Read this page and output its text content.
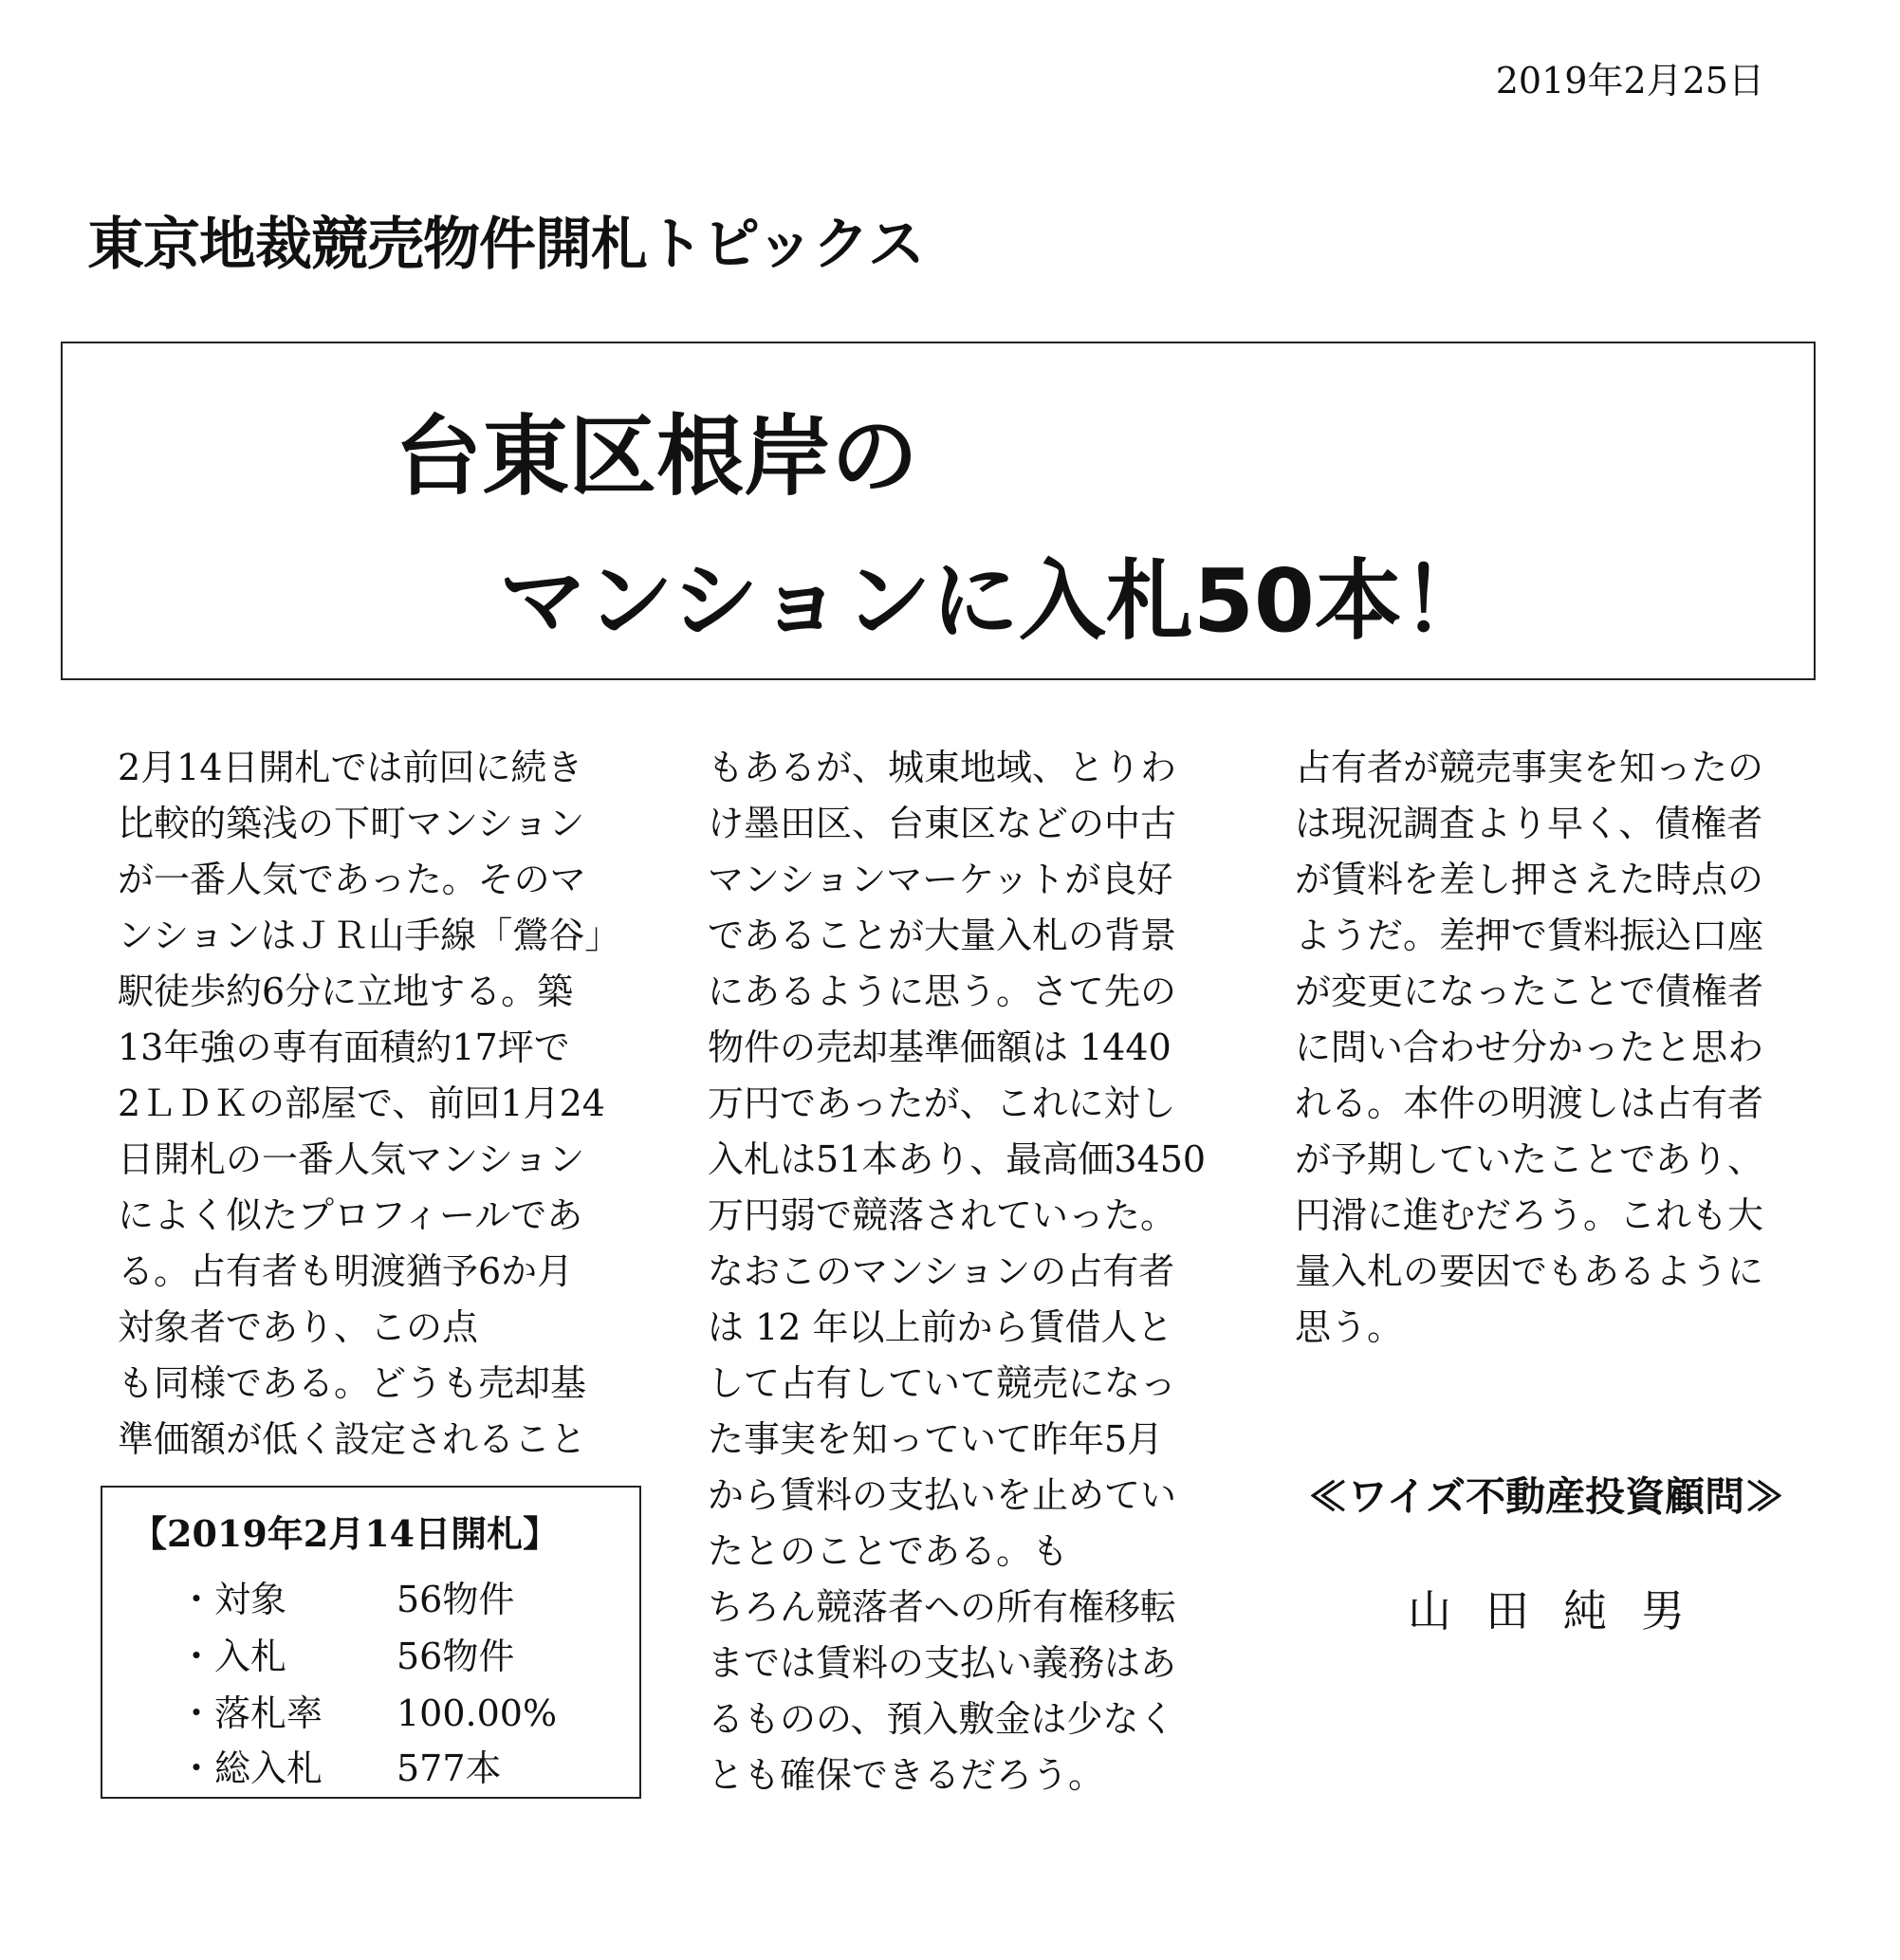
2019年2月25日
東京地裁競売物件開札トピックス
台東区根岸の
マンションに入札50本！

2月14日開札では前回に続き

比較的築浅の下町マンション

が一番人気であった。そのマ

ンションはＪＲ山手線「鶯谷」

駅徒歩約6分に立地する。築

13年強の専有面積約17坪で

2ＬＤＫの部屋で、前回1月24

日開札の一番人気マンション

によく似たプロフィールであ

る。占有者も明渡猶予6か月

対象者であり、この点

も同様である。どうも売却基

準価額が低く設定されること

もあるが、城東地域、とりわ

け墨田区、台東区などの中古

マンションマーケットが良好

であることが大量入札の背景

にあるように思う。さて先の

物件の売却基準価額は 1440

万円であったが、これに対し

入札は51本あり、最高価3450

万円弱で競落されていった。

なおこのマンションの占有者

は 12 年以上前から賃借人と

して占有していて競売になっ

た事実を知っていて昨年5月

から賃料の支払いを止めてい

たとのことである。も

ちろん競落者への所有権移転

までは賃料の支払い義務はあ

るものの、預入敷金は少なく

とも確保できるだろう。

占有者が競売事実を知ったの

は現況調査より早く、債権者

が賃料を差し押さえた時点の

ようだ。差押で賃料振込口座

が変更になったことで債権者

に問い合わせ分かったと思わ

れる。本件の明渡しは占有者

が予期していたことであり、

円滑に進むだろう。これも大

量入札の要因でもあるように

思う。

【2019年2月14日開札】
・対象	56物件
・入札	56物件
・落札率 100.00%
・総入札 577本
≪ワイズ不動産投資顧問≫
山田純男
